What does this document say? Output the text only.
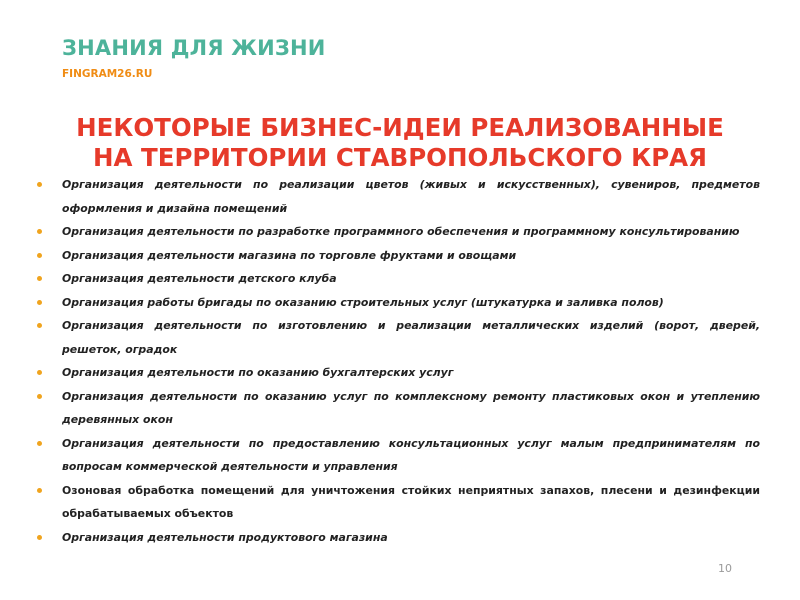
ЗНАНИЯ ДЛЯ ЖИЗНИ
FINGRAM26.RU
НЕКОТОРЫЕ БИЗНЕС-ИДЕИ РЕАЛИЗОВАННЫЕ
НА ТЕРРИТОРИИ СТАВРОПОЛЬСКОГО КРАЯ
Организация деятельности по реализации цветов (живых и искусственных), сувениров, предметов оформления и дизайна помещений
Организация деятельности по разработке программного обеспечения и программному консультированию
Организация деятельности магазина по торговле фруктами и овощами
Организация деятельности детского клуба
Организация работы бригады по оказанию строительных услуг (штукатурка и заливка полов)
Организация деятельности по изготовлению и реализации металлических изделий (ворот, дверей, решеток, оградок
Организация деятельности по оказанию бухгалтерских услуг
Организация деятельности по оказанию услуг по комплексному ремонту пластиковых окон и утеплению деревянных окон
Организация деятельности по предоставлению консультационных услуг малым предпринимателям по вопросам коммерческой деятельности и управления
Озоновая обработка помещений для уничтожения стойких неприятных запахов, плесени и дезинфекции обрабатываемых объектов
Организация деятельности продуктового магазина
10
